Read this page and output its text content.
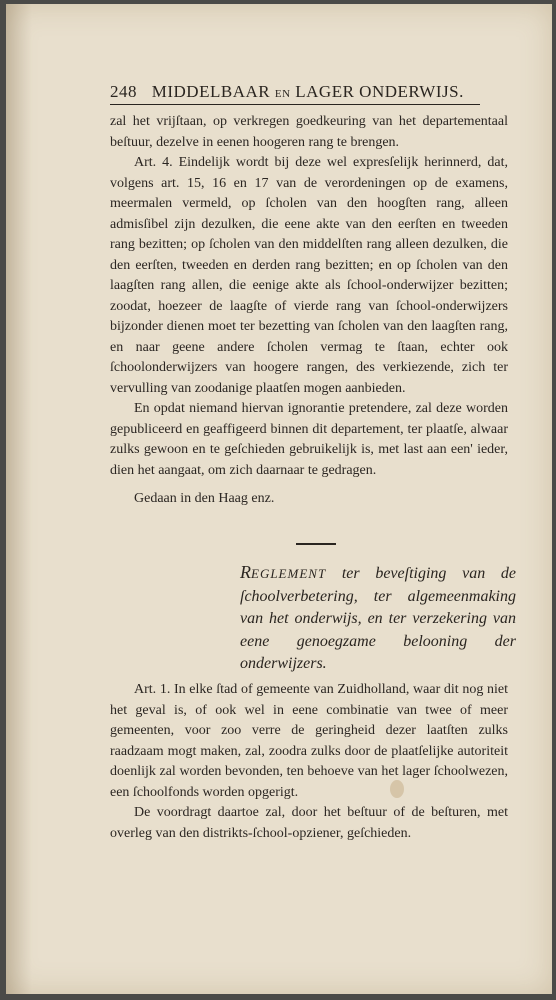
248 MIDDELBAAR EN LAGER ONDERWIJS.

zal het vrijſtaan, op verkregen goedkeuring van het departementaal beſtuur, dezelve in eenen hoogeren rang te brengen.

Art. 4. Eindelijk wordt bij deze wel expresſelijk herinnerd, dat, volgens art. 15, 16 en 17 van de verordeningen op de examens, meermalen vermeld, op ſcholen van den hoogſten rang, alleen admisſibel zijn dezulken, die eene akte van den eerſten en tweeden rang bezitten; op ſcholen van den middelſten rang alleen dezulken, die den eerſten, tweeden en derden rang bezitten; en op ſcholen van den laagſten rang allen, die eenige akte als ſchool-onderwijzer bezitten; zoodat, hoezeer de laagſte of vierde rang van ſchool-onderwijzers bijzonder dienen moet ter bezetting van ſcholen van den laagſten rang, en naar geene andere ſcholen vermag te ſtaan, echter ook ſchoolonderwijzers van hoogere rangen, des verkiezende, zich ter vervulling van zoodanige plaatſen mogen aanbieden.

En opdat niemand hiervan ignorantie pretendere, zal deze worden gepubliceerd en geaffigeerd binnen dit departement, ter plaatſe, alwaar zulks gewoon en te geſchieden gebruikelijk is, met last aan een' ieder, dien het aangaat, om zich daarnaar te gedragen.

Gedaan in den Haag enz.

REGLEMENT ter beveſtiging van de ſchoolverbetering, ter algemeenmaking van het onderwijs, en ter verzekering van eene genoegzame belooning der onderwijzers.

Art. 1. In elke ſtad of gemeente van Zuidholland, waar dit nog niet het geval is, of ook wel in eene combinatie van twee of meer gemeenten, voor zoo verre de geringheid dezer laatſten zulks raadzaam mogt maken, zal, zoodra zulks door de plaatſelijke autoriteit doenlijk zal worden bevonden, ten behoeve van het lager ſchoolwezen, een ſchoolfonds worden opgerigt.

De voordragt daartoe zal, door het beſtuur of de beſturen, met overleg van den distrikts-ſchool-opziener, geſchieden.
